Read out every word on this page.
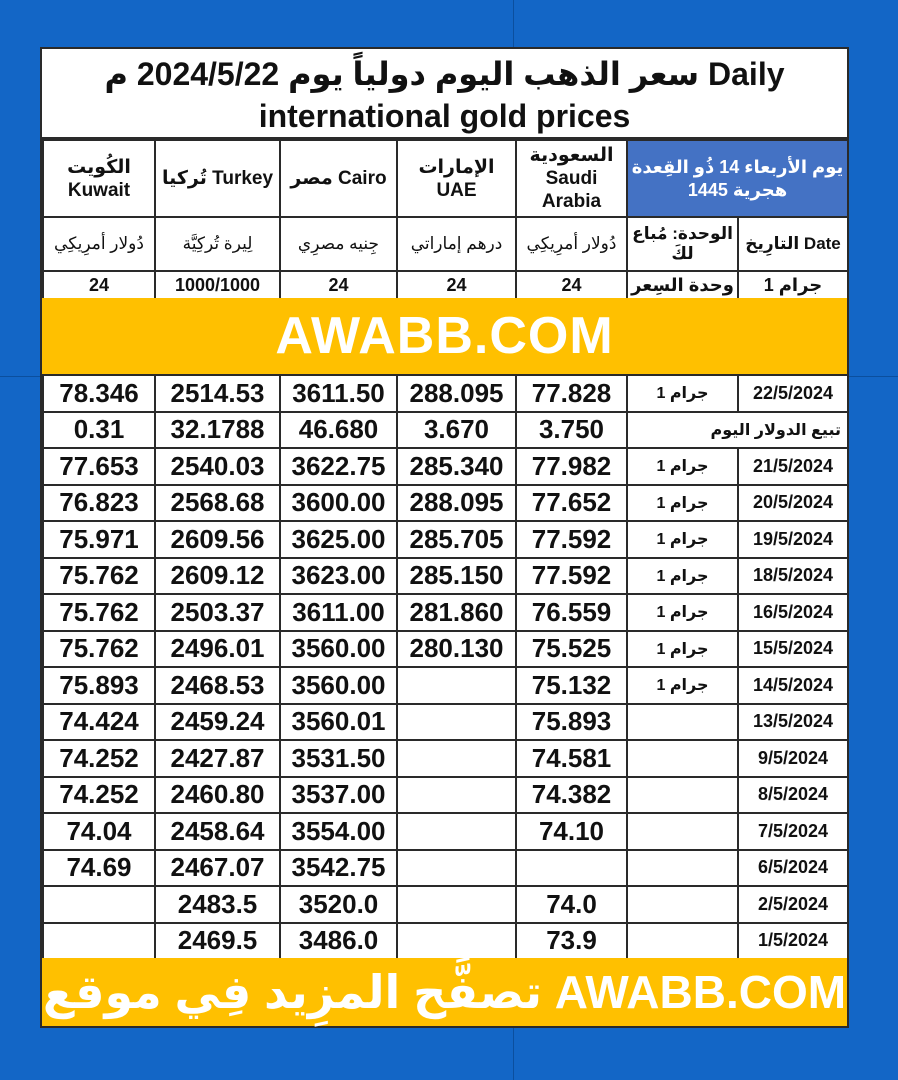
سعر الذهب اليوم دولياً يوم 2024/5/22 م Daily
international gold prices
الكُويت Kuwait	تُركيا Turkey	مصر Cairo	الإمارات UAE	السعودية Saudi Arabia	
يوم الأربعاء 14 ذُو القِعدة
1445 هجرية
دُولار أمرِيكِي	لِيرة تُركِيَّة	جِنيه مصرِي	درهم إماراتي	دُولار أمرِيكِي	الوحدة: مُباع لكَ	التارِيخ Date
24	1000/1000	24	24	24	وحدة السِعر	1 جرام
AWABB.COM
78.346	2514.53	3611.50	288.095	77.828	1 جرام	22/5/2024
0.31	32.1788	46.680	3.670	3.750	تبيع الدولار اليوم	
77.653	2540.03	3622.75	285.340	77.982	1 جرام	21/5/2024
76.823	2568.68	3600.00	288.095	77.652	1 جرام	20/5/2024
75.971	2609.56	3625.00	285.705	77.592	1 جرام	19/5/2024
75.762	2609.12	3623.00	285.150	77.592	1 جرام	18/5/2024
75.762	2503.37	3611.00	281.860	76.559	1 جرام	16/5/2024
75.762	2496.01	3560.00	280.130	75.525	1 جرام	15/5/2024
75.893	2468.53	3560.00		75.132	1 جرام	14/5/2024
74.424	2459.24	3560.01		75.893		13/5/2024
74.252	2427.87	3531.50		74.581		9/5/2024
74.252	2460.80	3537.00		74.382		8/5/2024
74.04	2458.64	3554.00		74.10		7/5/2024
74.69	2467.07	3542.75				6/5/2024
	2483.5	3520.0		74.0		2/5/2024
	2469.5	3486.0		73.9		1/5/2024
تصفَّح المزِيد فِي موقع AWABB.COM
